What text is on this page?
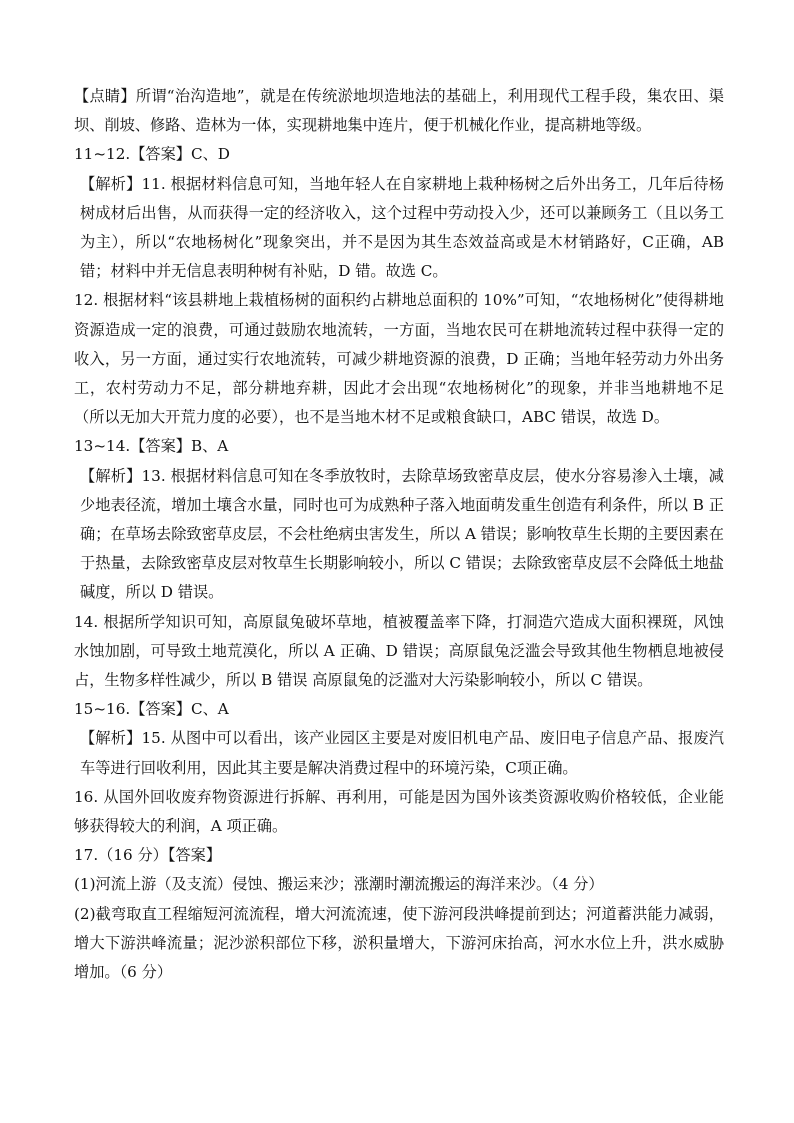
【点睛】所谓“治沟造地”，就是在传统淤地坝造地法的基础上，利用现代工程手段，集农田、渠坝、削坡、修路、造林为一体，实现耕地集中连片，便于机械化作业，提高耕地等级。

11~12.【答案】C、D

【解析】11. 根据材料信息可知，当地年轻人在自家耕地上栽种杨树之后外出务工，几年后待杨树成材后出售，从而获得一定的经济收入，这个过程中劳动投入少，还可以兼顾务工（且以务工为主），所以“农地杨树化”现象突出，并不是因为其生态效益高或是木材销路好，C正确，AB 错；材料中并无信息表明种树有补贴，D 错。故选 C。

12. 根据材料“该县耕地上栽植杨树的面积约占耕地总面积的 10%”可知，“农地杨树化”使得耕地资源造成一定的浪费，可通过鼓励农地流转，一方面，当地农民可在耕地流转过程中获得一定的收入，另一方面，通过实行农地流转，可减少耕地资源的浪费，D 正确；当地年轻劳动力外出务工，农村劳动力不足，部分耕地弃耕，因此才会出现“农地杨树化”的现象，并非当地耕地不足（所以无加大开荒力度的必要），也不是当地木材不足或粮食缺口，ABC 错误，故选 D。

13~14.【答案】B、A

【解析】13. 根据材料信息可知在冬季放牧时，去除草场致密草皮层，使水分容易渗入土壤，减少地表径流，增加土壤含水量，同时也可为成熟种子落入地面萌发重生创造有利条件，所以 B 正确；在草场去除致密草皮层，不会杜绝病虫害发生，所以 A 错误；影响牧草生长期的主要因素在于热量，去除致密草皮层对牧草生长期影响较小，所以 C 错误；去除致密草皮层不会降低土地盐碱度，所以 D 错误。

14. 根据所学知识可知，高原鼠兔破坏草地，植被覆盖率下降，打洞造穴造成大面积裸斑，风蚀水蚀加剧，可导致土地荒漠化，所以 A 正确、D 错误；高原鼠兔泛滥会导致其他生物栖息地被侵占，生物多样性减少，所以 B 错误 高原鼠兔的泛滥对大污染影响较小，所以 C 错误。

15~16.【答案】C、A

【解析】15. 从图中可以看出，该产业园区主要是对废旧机电产品、废旧电子信息产品、报废汽车等进行回收利用，因此其主要是解决消费过程中的环境污染，C项正确。

16. 从国外回收废弃物资源进行拆解、再利用，可能是因为国外该类资源收购价格较低，企业能够获得较大的利润，A 项正确。

17.（16 分）【答案】

(1)河流上游（及支流）侵蚀、搬运来沙；涨潮时潮流搬运的海洋来沙。（4 分）

(2)截弯取直工程缩短河流流程，增大河流流速，使下游河段洪峰提前到达；河道蓄洪能力减弱，增大下游洪峰流量；泥沙淤积部位下移，淤积量增大，下游河床抬高，河水水位上升，洪水威胁增加。（6 分）
